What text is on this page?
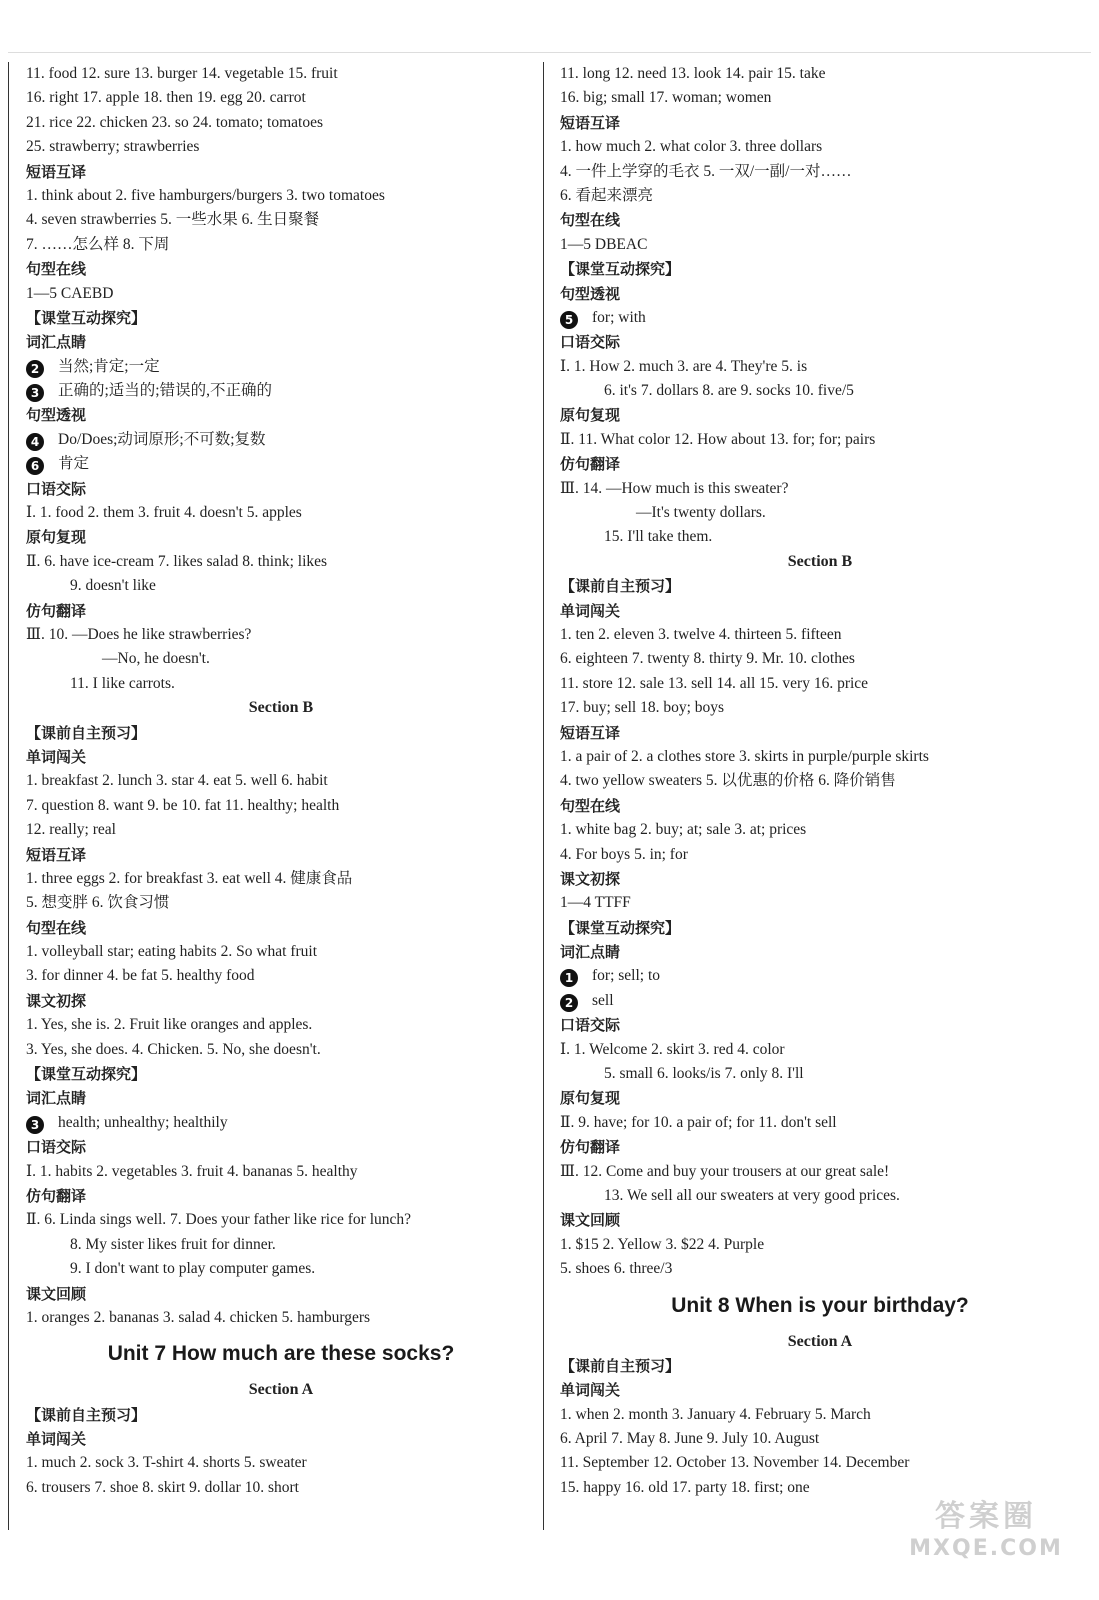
11. food 12. sure 13. burger 14. vegetable 15. fruit
16. right 17. apple 18. then 19. egg 20. carrot
21. rice 22. chicken 23. so 24. tomato; tomatoes
25. strawberry; strawberries
短语互译
1. think about 2. five hamburgers/burgers 3. two tomatoes
4. seven strawberries 5. 一些水果 6. 生日聚餐
7. ……怎么样 8. 下周
句型在线
1—5 CAEBD
【课堂互动探究】
词汇点睛
2 当然;肯定;一定
3 正确的;适当的;错误的,不正确的
句型透视
4 Do/Does;动词原形;不可数;复数
6 肯定
口语交际
Ⅰ. 1. food 2. them 3. fruit 4. doesn't 5. apples
原句复现
Ⅱ. 6. have ice-cream 7. likes salad 8. think; likes
9. doesn't like
仿句翻译
Ⅲ. 10. —Does he like strawberries?
—No, he doesn't.
11. I like carrots.
Section B
【课前自主预习】
单词闯关
1. breakfast 2. lunch 3. star 4. eat 5. well 6. habit
7. question 8. want 9. be 10. fat 11. healthy; health
12. really; real
短语互译
1. three eggs 2. for breakfast 3. eat well 4. 健康食品
5. 想变胖 6. 饮食习惯
句型在线
1. volleyball star; eating habits 2. So what fruit
3. for dinner 4. be fat 5. healthy food
课文初探
1. Yes, she is. 2. Fruit like oranges and apples.
3. Yes, she does. 4. Chicken. 5. No, she doesn't.
【课堂互动探究】
词汇点睛
3 health; unhealthy; healthily
口语交际
Ⅰ. 1. habits 2. vegetables 3. fruit 4. bananas 5. healthy
仿句翻译
Ⅱ. 6. Linda sings well. 7. Does your father like rice for lunch?
8. My sister likes fruit for dinner.
9. I don't want to play computer games.
课文回顾
1. oranges 2. bananas 3. salad 4. chicken 5. hamburgers
Unit 7 How much are these socks?
Section A
【课前自主预习】
单词闯关
1. much 2. sock 3. T-shirt 4. shorts 5. sweater
6. trousers 7. shoe 8. skirt 9. dollar 10. short
11. long 12. need 13. look 14. pair 15. take
16. big; small 17. woman; women
短语互译
1. how much 2. what color 3. three dollars
4. 一件上学穿的毛衣 5. 一双/一副/一对……
6. 看起来漂亮
句型在线
1—5 DBEAC
【课堂互动探究】
句型透视
5 for; with
口语交际
Ⅰ. 1. How 2. much 3. are 4. They're 5. is
6. it's 7. dollars 8. are 9. socks 10. five/5
原句复现
Ⅱ. 11. What color 12. How about 13. for; for; pairs
仿句翻译
Ⅲ. 14. —How much is this sweater?
—It's twenty dollars.
15. I'll take them.
Section B
【课前自主预习】
单词闯关
1. ten 2. eleven 3. twelve 4. thirteen 5. fifteen
6. eighteen 7. twenty 8. thirty 9. Mr. 10. clothes
11. store 12. sale 13. sell 14. all 15. very 16. price
17. buy; sell 18. boy; boys
短语互译
1. a pair of 2. a clothes store 3. skirts in purple/purple skirts
4. two yellow sweaters 5. 以优惠的价格 6. 降价销售
句型在线
1. white bag 2. buy; at; sale 3. at; prices
4. For boys 5. in; for
课文初探
1—4 TTFF
【课堂互动探究】
词汇点睛
1 for; sell; to
2 sell
口语交际
Ⅰ. 1. Welcome 2. skirt 3. red 4. color
5. small 6. looks/is 7. only 8. I'll
原句复现
Ⅱ. 9. have; for 10. a pair of; for 11. don't sell
仿句翻译
Ⅲ. 12. Come and buy your trousers at our great sale!
13. We sell all our sweaters at very good prices.
课文回顾
1. $15 2. Yellow 3. $22 4. Purple
5. shoes 6. three/3
Unit 8 When is your birthday?
Section A
【课前自主预习】
单词闯关
1. when 2. month 3. January 4. February 5. March
6. April 7. May 8. June 9. July 10. August
11. September 12. October 13. November 14. December
15. happy 16. old 17. party 18. first; one
答案圈
MXQE.COM
